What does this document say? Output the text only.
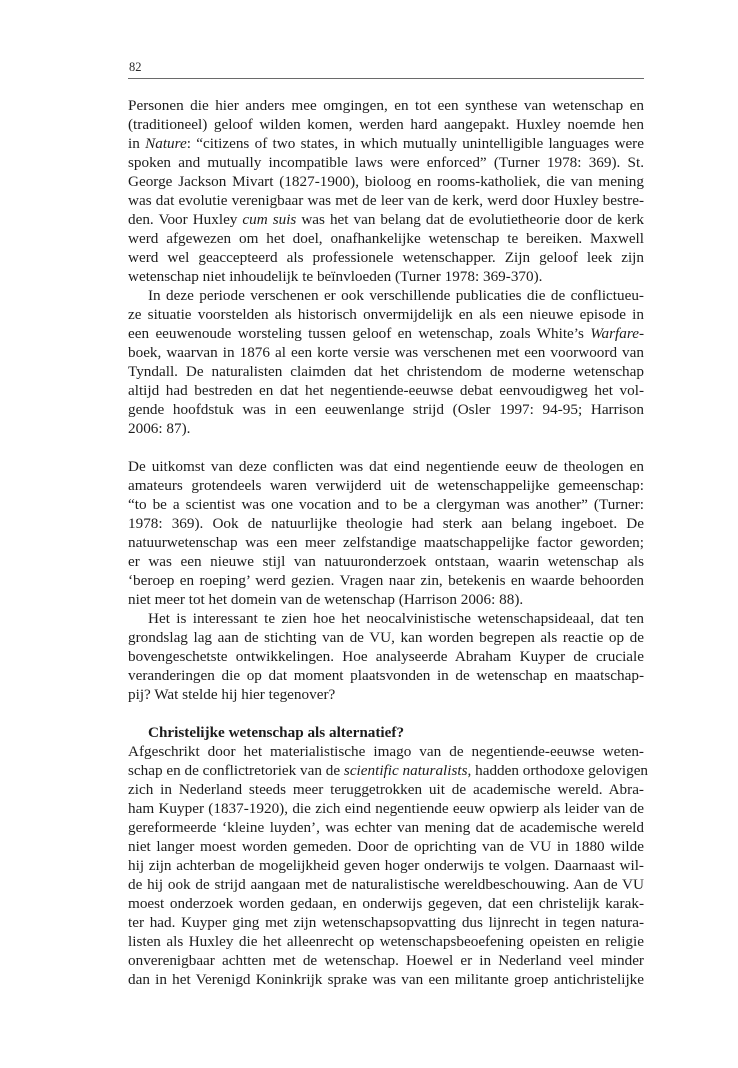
82
Personen die hier anders mee omgingen, en tot een synthese van wetenschap en
(traditioneel) geloof wilden komen, werden hard aangepakt. Huxley noemde hen
in Nature: “citizens of two states, in which mutually unintelligible languages were
spoken and mutually incompatible laws were enforced” (Turner 1978: 369). St.
George Jackson Mivart (1827-1900), bioloog en rooms-katholiek, die van mening
was dat evolutie verenigbaar was met de leer van de kerk, werd door Huxley bestre-
den. Voor Huxley cum suis was het van belang dat de evolutietheorie door de kerk
werd afgewezen om het doel, onafhankelijke wetenschap te bereiken. Maxwell
werd wel geaccepteerd als professionele wetenschapper. Zijn geloof leek zijn
wetenschap niet inhoudelijk te beïnvloeden (Turner 1978: 369-370).
In deze periode verschenen er ook verschillende publicaties die de conflictueu-
ze situatie voorstelden als historisch onvermijdelijk en als een nieuwe episode in
een eeuwenoude worsteling tussen geloof en wetenschap, zoals White’s Warfare-
boek, waarvan in 1876 al een korte versie was verschenen met een voorwoord van
Tyndall. De naturalisten claimden dat het christendom de moderne wetenschap
altijd had bestreden en dat het negentiende-eeuwse debat eenvoudigweg het vol-
gende hoofdstuk was in een eeuwenlange strijd (Osler 1997: 94-95; Harrison
2006: 87).
De uitkomst van deze conflicten was dat eind negentiende eeuw de theologen en
amateurs grotendeels waren verwijderd uit de wetenschappelijke gemeenschap:
“to be a scientist was one vocation and to be a clergyman was another” (Turner:
1978: 369). Ook de natuurlijke theologie had sterk aan belang ingeboet. De
natuurwetenschap was een meer zelfstandige maatschappelijke factor geworden;
er was een nieuwe stijl van natuuronderzoek ontstaan, waarin wetenschap als
‘beroep en roeping’ werd gezien. Vragen naar zin, betekenis en waarde behoorden
niet meer tot het domein van de wetenschap (Harrison 2006: 88).
Het is interessant te zien hoe het neocalvinistische wetenschapsideaal, dat ten
grondslag lag aan de stichting van de VU, kan worden begrepen als reactie op de
bovengeschetste ontwikkelingen. Hoe analyseerde Abraham Kuyper de cruciale
veranderingen die op dat moment plaatsvonden in de wetenschap en maatschap-
pij? Wat stelde hij hier tegenover?
Christelijke wetenschap als alternatief?
Afgeschrikt door het materialistische imago van de negentiende-eeuwse weten-
schap en de conflictretoriek van de scientific naturalists, hadden orthodoxe gelovigen
zich in Nederland steeds meer teruggetrokken uit de academische wereld. Abra-
ham Kuyper (1837-1920), die zich eind negentiende eeuw opwierp als leider van de
gereformeerde ‘kleine luyden’, was echter van mening dat de academische wereld
niet langer moest worden gemeden. Door de oprichting van de VU in 1880 wilde
hij zijn achterban de mogelijkheid geven hoger onderwijs te volgen. Daarnaast wil-
de hij ook de strijd aangaan met de naturalistische wereldbeschouwing. Aan de VU
moest onderzoek worden gedaan, en onderwijs gegeven, dat een christelijk karak-
ter had. Kuyper ging met zijn wetenschapsopvatting dus lijnrecht in tegen natura-
listen als Huxley die het alleenrecht op wetenschapsbeoefening opeisten en religie
onverenigbaar achtten met de wetenschap. Hoewel er in Nederland veel minder
dan in het Verenigd Koninkrijk sprake was van een militante groep antichristelijke
